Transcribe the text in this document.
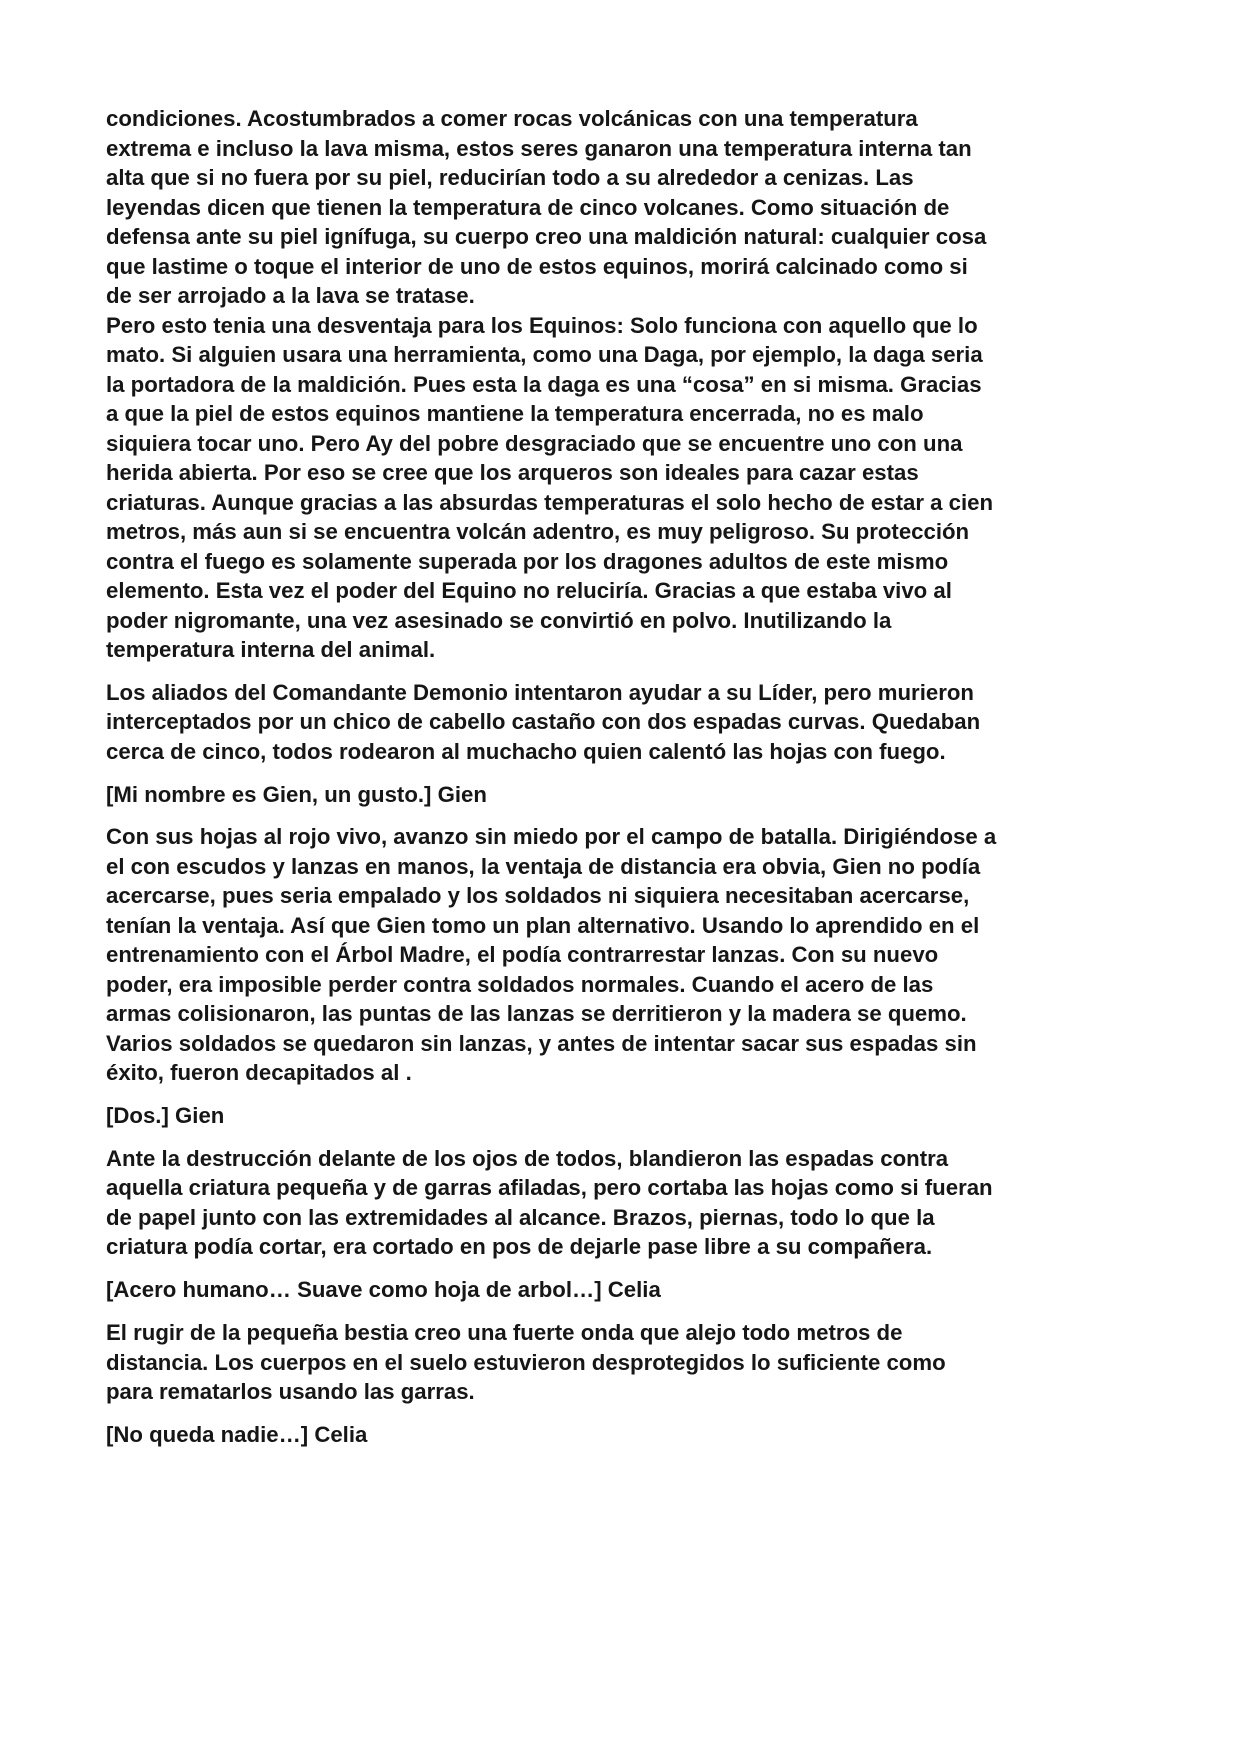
condiciones. Acostumbrados a comer rocas volcánicas con una temperatura
extrema e incluso la lava misma, estos seres ganaron una temperatura interna tan
alta que si no fuera por su piel, reducirían todo a su alrededor a cenizas. Las
leyendas dicen que tienen la temperatura de cinco volcanes. Como situación de
defensa ante su piel ignífuga, su cuerpo creo una maldición natural: cualquier cosa
que lastime o toque el interior de uno de estos equinos, morirá calcinado como si
de ser arrojado a la lava se tratase.
Pero esto tenia una desventaja para los Equinos: Solo funciona con aquello que lo
mato. Si alguien usara una herramienta, como una Daga, por ejemplo, la daga seria
la portadora de la maldición. Pues esta la daga es una “cosa” en si misma. Gracias
a que la piel de estos equinos mantiene la temperatura encerrada, no es malo
siquiera tocar uno. Pero Ay del pobre desgraciado que se encuentre uno con una
herida abierta. Por eso se cree que los arqueros son ideales para cazar estas
criaturas. Aunque gracias a las absurdas temperaturas el solo hecho de estar a cien
metros, más aun si se encuentra volcán adentro, es muy peligroso. Su protección
contra el fuego es solamente superada por los dragones adultos de este mismo
elemento. Esta vez el poder del Equino no reluciría. Gracias a que estaba vivo al
poder nigromante, una vez asesinado se convirtió en polvo. Inutilizando la
temperatura interna del animal.
Los aliados del Comandante Demonio intentaron ayudar a su Líder, pero murieron
interceptados por un chico de cabello castaño con dos espadas curvas. Quedaban
cerca de cinco, todos rodearon al muchacho quien calentó las hojas con fuego.
[Mi nombre es Gien, un gusto.] Gien
Con sus hojas al rojo vivo, avanzo sin miedo por el campo de batalla. Dirigiéndose a
el con escudos y lanzas en manos, la ventaja de distancia era obvia, Gien no podía
acercarse, pues seria empalado y los soldados ni siquiera necesitaban acercarse,
tenían la ventaja. Así que Gien tomo un plan alternativo. Usando lo aprendido en el
entrenamiento con el Árbol Madre, el podía contrarrestar lanzas. Con su nuevo
poder, era imposible perder contra soldados normales. Cuando el acero de las
armas colisionaron, las puntas de las lanzas se derritieron y la madera se quemo.
Varios soldados se quedaron sin lanzas, y antes de intentar sacar sus espadas sin
éxito, fueron decapitados al .
[Dos.] Gien
Ante la destrucción delante de los ojos de todos, blandieron las espadas contra
aquella criatura pequeña y de garras afiladas, pero cortaba las hojas como si fueran
de papel junto con las extremidades al alcance. Brazos, piernas, todo lo que la
criatura podía cortar, era cortado en pos de dejarle pase libre a su compañera.
[Acero humano… Suave como hoja de arbol…] Celia
El rugir de la pequeña bestia creo una fuerte onda que alejo todo metros de
distancia. Los cuerpos en el suelo estuvieron desprotegidos lo suficiente como
para rematarlos usando las garras.
[No queda nadie…] Celia
